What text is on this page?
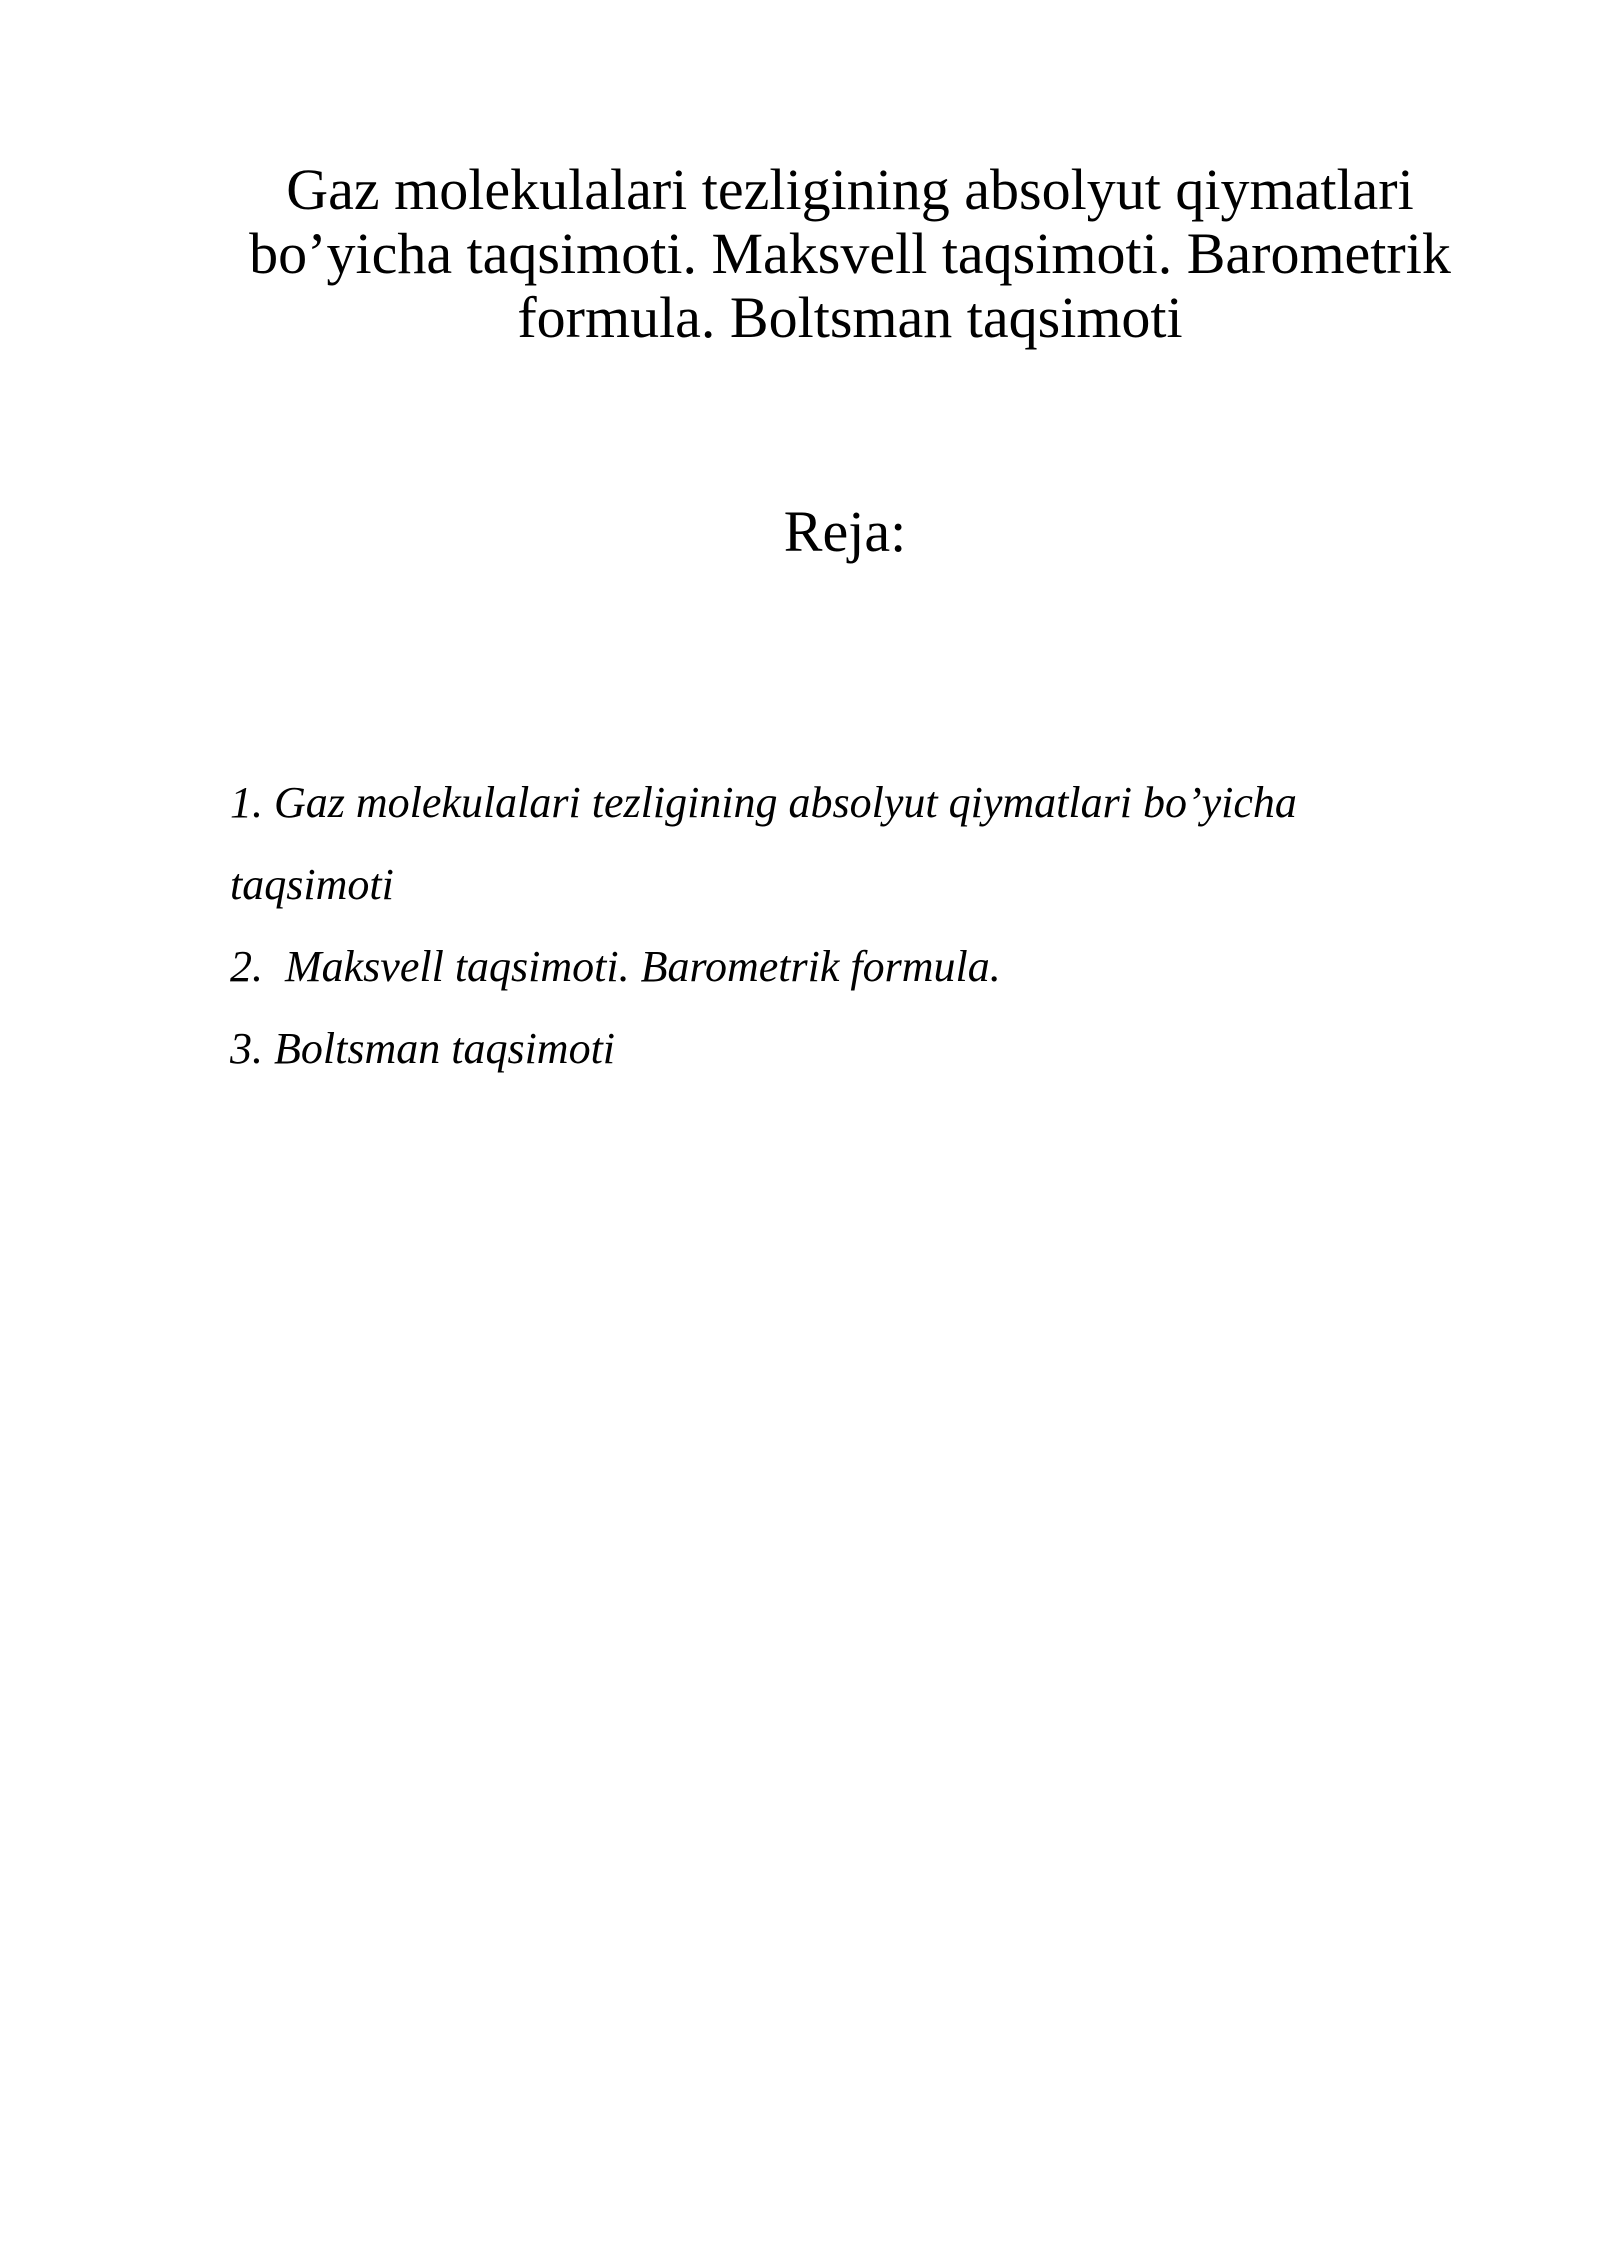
Gaz molekulalari tezligining absolyut qiymatlari
bo’yicha taqsimoti. Maksvell taqsimoti. Barometrik
formula. Boltsman taqsimoti
Reja:
1. Gaz molekulalari tezligining absolyut qiymatlari bo’yicha
taqsimoti
2.  Maksvell taqsimoti. Barometrik formula.
3. Boltsman taqsimoti
